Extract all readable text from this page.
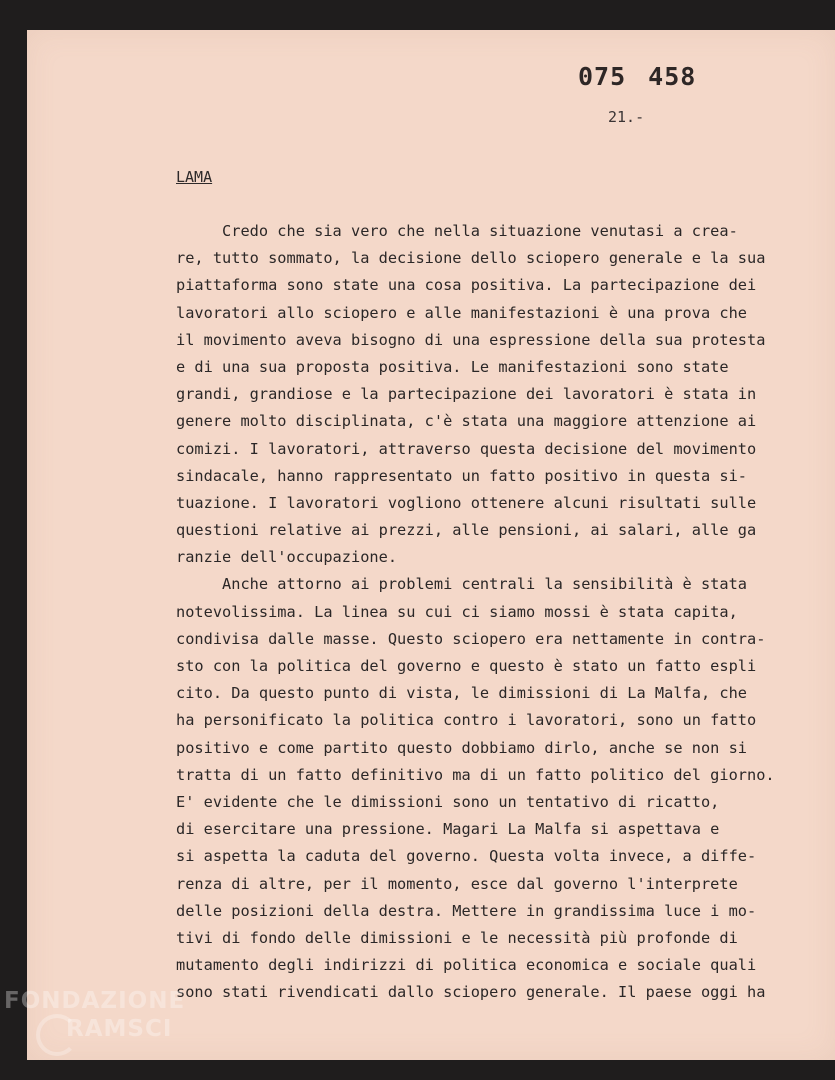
075 458
21.-
LAMA
Credo che sia vero che nella situazione venutasi a crea-
re, tutto sommato, la decisione dello sciopero generale e la sua
piattaforma sono state una cosa positiva. La partecipazione dei
lavoratori allo sciopero e alle manifestazioni è una prova che
il movimento aveva bisogno di una espressione della sua protesta
e di una sua proposta positiva. Le manifestazioni sono state
grandi, grandiose e la partecipazione dei lavoratori è stata in
genere molto disciplinata, c'è stata una maggiore attenzione ai
comizi. I lavoratori, attraverso questa decisione del movimento
sindacale, hanno rappresentato un fatto positivo in questa si-
tuazione. I lavoratori vogliono ottenere alcuni risultati sulle
questioni relative ai prezzi, alle pensioni, ai salari, alle ga
ranzie dell'occupazione.
Anche attorno ai problemi centrali la sensibilità è stata
notevolissima. La linea su cui ci siamo mossi è stata capita,
condivisa dalle masse. Questo sciopero era nettamente in contra-
sto con la politica del governo e questo è stato un fatto espli
cito. Da questo punto di vista, le dimissioni di La Malfa, che
ha personificato la politica contro i lavoratori, sono un fatto
positivo e come partito questo dobbiamo dirlo, anche se non si
tratta di un fatto definitivo ma di un fatto politico del giorno.
E' evidente che le dimissioni sono un tentativo di ricatto,
di esercitare una pressione. Magari La Malfa si aspettava e
si aspetta la caduta del governo. Questa volta invece, a diffe-
renza di altre, per il momento, esce dal governo l'interprete
delle posizioni della destra. Mettere in grandissima luce i mo-
tivi di fondo delle dimissioni e le necessità più profonde di
mutamento degli indirizzi di politica economica e sociale quali
sono stati rivendicati dallo sciopero generale. Il paese oggi ha
FONDAZIONE
RAMSCI
